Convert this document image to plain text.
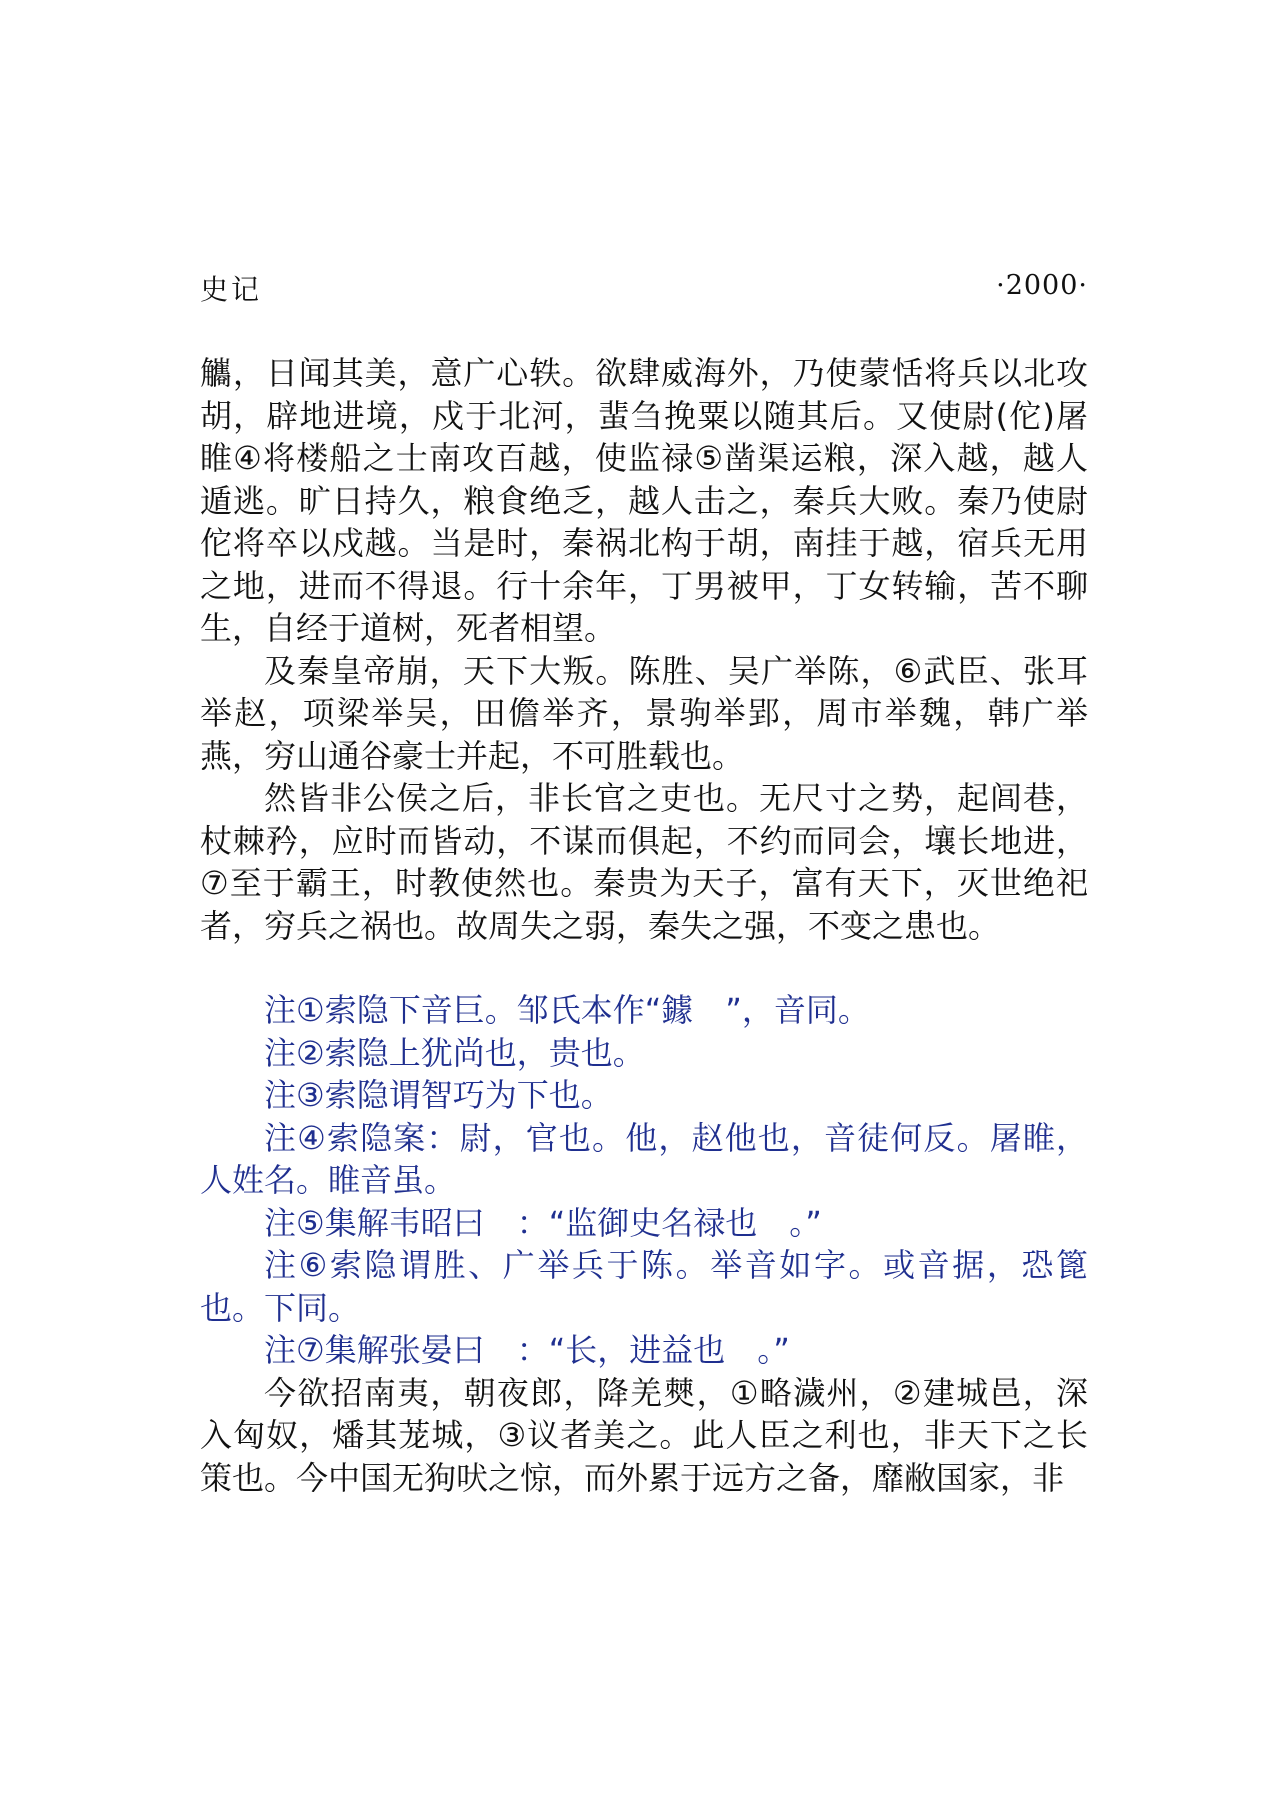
史记	·2000·

觿，日闻其美，意广心轶。欲肆威海外，乃使蒙恬将兵以北攻胡，辟地进境，戍于北河，蜚刍挽粟以随其后。又使尉(佗)屠睢④将楼船之士南攻百越，使监禄⑤凿渠运粮，深入越，越人遁逃。旷日持久，粮食绝乏，越人击之，秦兵大败。秦乃使尉佗将卒以戍越。当是时，秦祸北构于胡，南挂于越，宿兵无用之地，进而不得退。行十余年，丁男被甲，丁女转输，苦不聊生，自经于道树，死者相望。

及秦皇帝崩，天下大叛。陈胜、吴广举陈，⑥武臣、张耳举赵，项梁举吴，田儋举齐，景驹举郢，周市举魏，韩广举燕，穷山通谷豪士并起，不可胜载也。

然皆非公侯之后，非长官之吏也。无尺寸之势，起闾巷，杖棘矜，应时而皆动，不谋而俱起，不约而同会，壤长地进，⑦至于霸王，时教使然也。秦贵为天子，富有天下，灭世绝祀者，穷兵之祸也。故周失之弱，秦失之强，不变之患也。

注①索隐下音巨。邹氏本作“鐻　”，音同。

注②索隐上犹尚也，贵也。

注③索隐谓智巧为下也。

注④索隐案：尉，官也。他，赵他也，音徒何反。屠睢，人姓名。睢音虽。

注⑤集解韦昭曰　：“监御史名禄也　。”

注⑥索隐谓胜、广举兵于陈。举音如字。或音据，恐篦也。下同。

注⑦集解张晏曰　：“长，进益也　。”

今欲招南夷，朝夜郎，降羌僰，①略濊州，②建城邑，深入匈奴，燔其茏城，③议者美之。此人臣之利也，非天下之长策也。今中国无狗吠之惊，而外累于远方之备，靡敝国家，非
